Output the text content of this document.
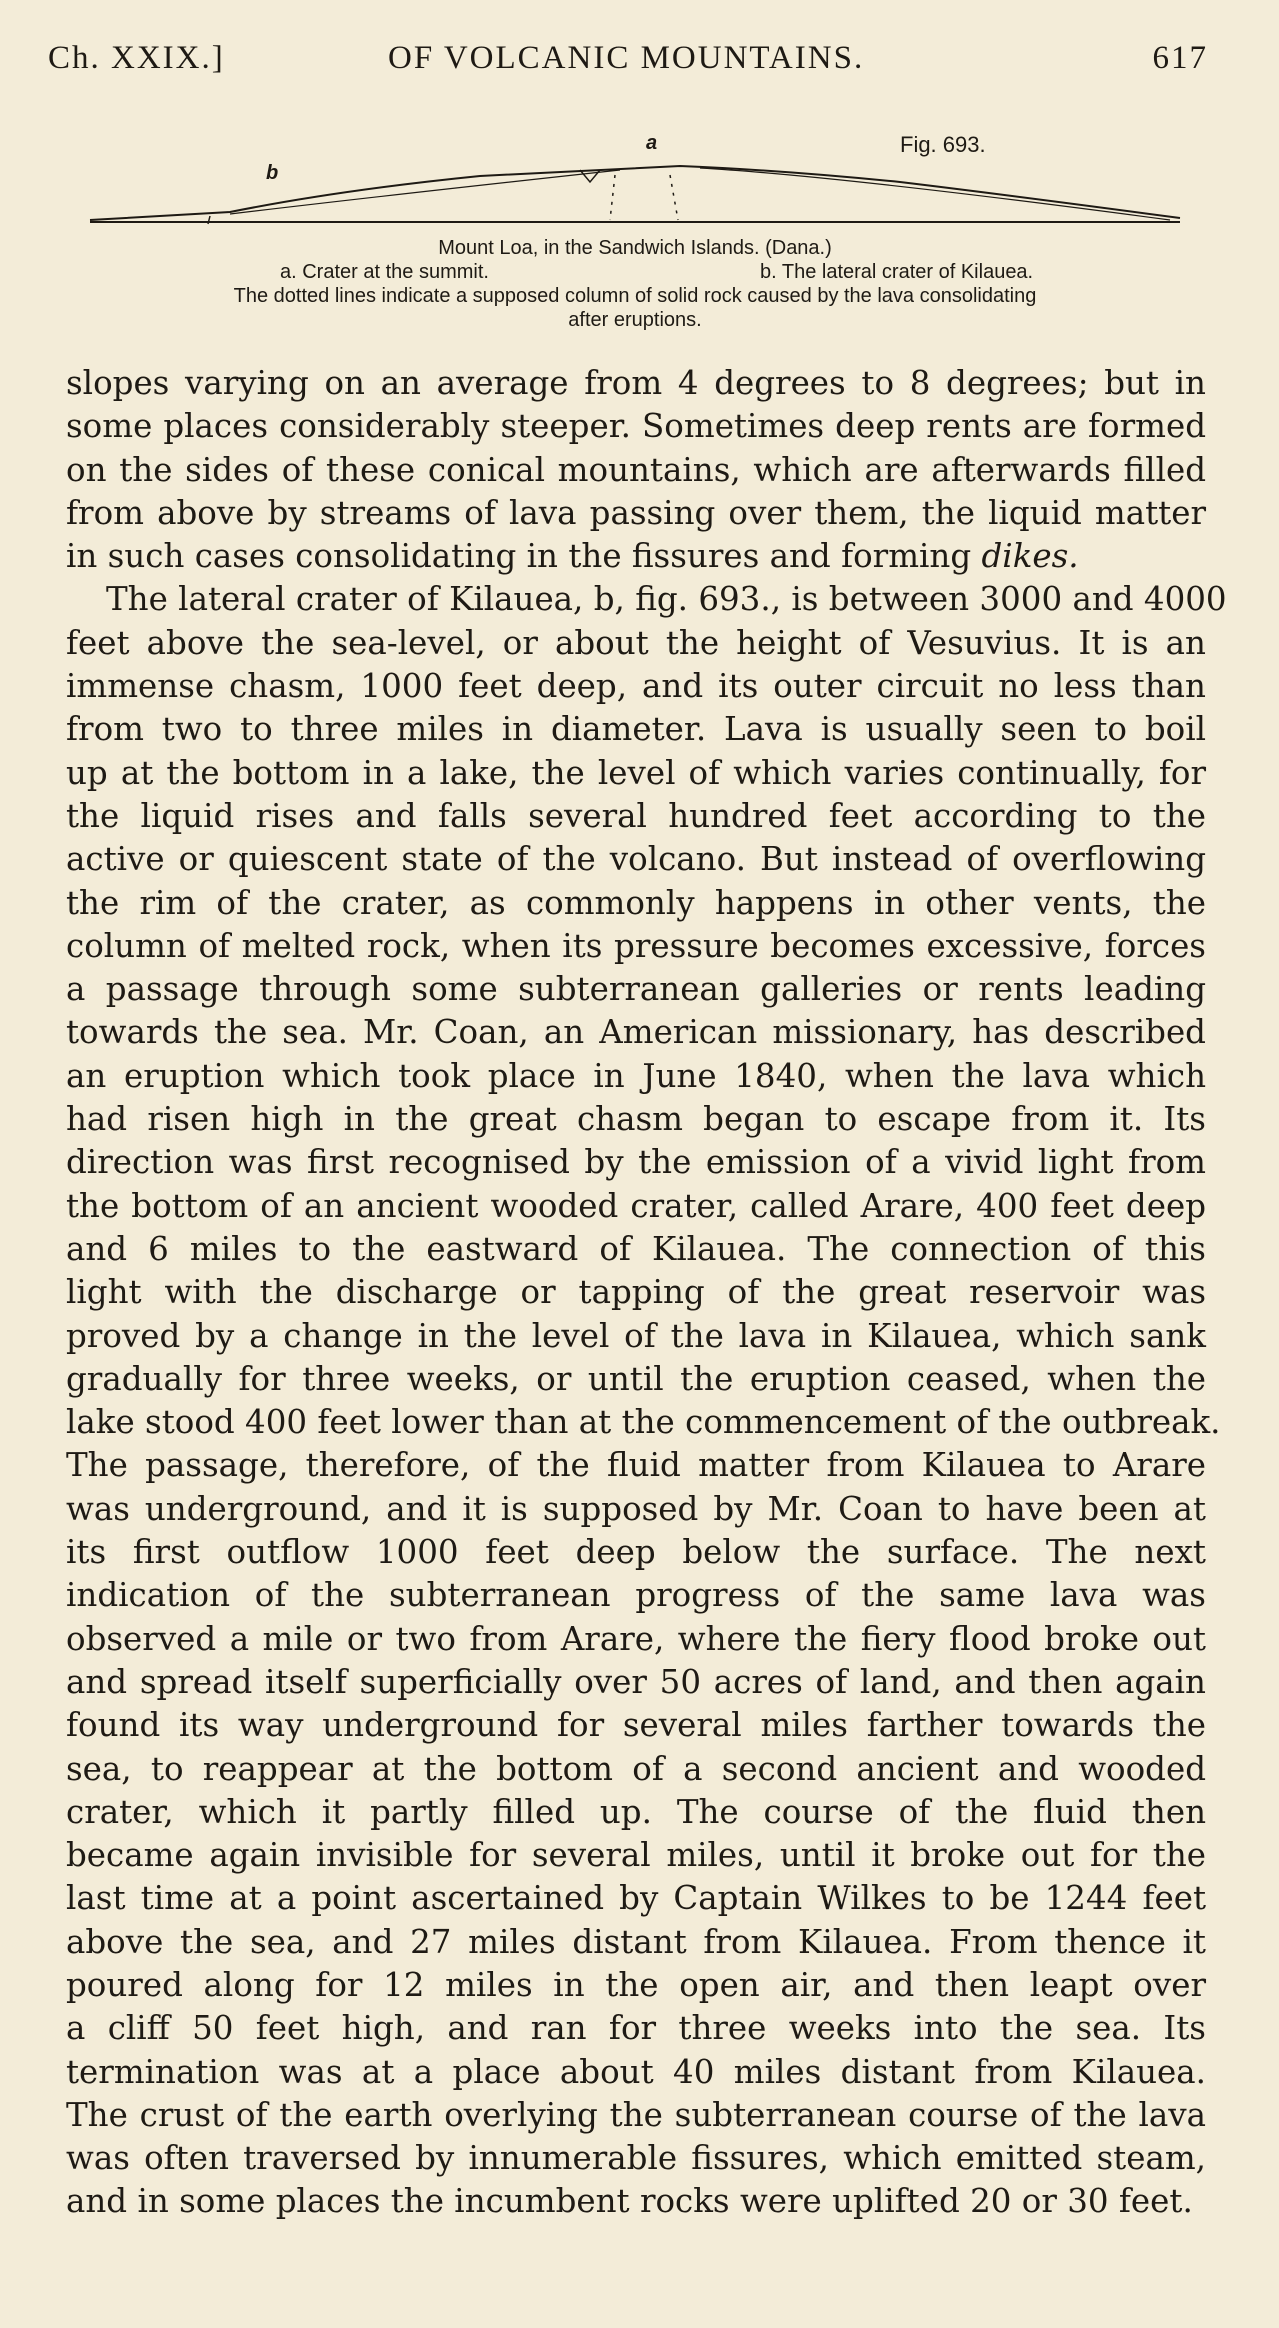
Ch. XXIX.]	OF VOLCANIC MOUNTAINS.	617
a
b
Fig. 693.
Mount Loa, in the Sandwich Islands. (Dana.)
a. Crater at the summit.	b. The lateral crater of Kilauea.
The dotted lines indicate a supposed column of solid rock caused by the lava consolidating
after eruptions.
slopes varying on an average from 4 degrees to 8 degrees; but in
some places considerably steeper. Sometimes deep rents are formed
on the sides of these conical mountains, which are afterwards filled
from above by streams of lava passing over them, the liquid matter
in such cases consolidating in the fissures and forming dikes.
The lateral crater of Kilauea, b, fig. 693., is between 3000 and 4000
feet above the sea-level, or about the height of Vesuvius. It is an
immense chasm, 1000 feet deep, and its outer circuit no less than
from two to three miles in diameter. Lava is usually seen to boil
up at the bottom in a lake, the level of which varies continually, for
the liquid rises and falls several hundred feet according to the
active or quiescent state of the volcano. But instead of overflowing
the rim of the crater, as commonly happens in other vents, the
column of melted rock, when its pressure becomes excessive, forces
a passage through some subterranean galleries or rents leading
towards the sea. Mr. Coan, an American missionary, has described
an eruption which took place in June 1840, when the lava which
had risen high in the great chasm began to escape from it. Its
direction was first recognised by the emission of a vivid light from
the bottom of an ancient wooded crater, called Arare, 400 feet deep
and 6 miles to the eastward of Kilauea. The connection of this
light with the discharge or tapping of the great reservoir was
proved by a change in the level of the lava in Kilauea, which sank
gradually for three weeks, or until the eruption ceased, when the
lake stood 400 feet lower than at the commencement of the outbreak.
The passage, therefore, of the fluid matter from Kilauea to Arare
was underground, and it is supposed by Mr. Coan to have been at
its first outflow 1000 feet deep below the surface. The next
indication of the subterranean progress of the same lava was
observed a mile or two from Arare, where the fiery flood broke out
and spread itself superficially over 50 acres of land, and then again
found its way underground for several miles farther towards the
sea, to reappear at the bottom of a second ancient and wooded
crater, which it partly filled up. The course of the fluid then
became again invisible for several miles, until it broke out for the
last time at a point ascertained by Captain Wilkes to be 1244 feet
above the sea, and 27 miles distant from Kilauea. From thence it
poured along for 12 miles in the open air, and then leapt over
a cliff 50 feet high, and ran for three weeks into the sea. Its
termination was at a place about 40 miles distant from Kilauea.
The crust of the earth overlying the subterranean course of the lava
was often traversed by innumerable fissures, which emitted steam,
and in some places the incumbent rocks were uplifted 20 or 30 feet.
